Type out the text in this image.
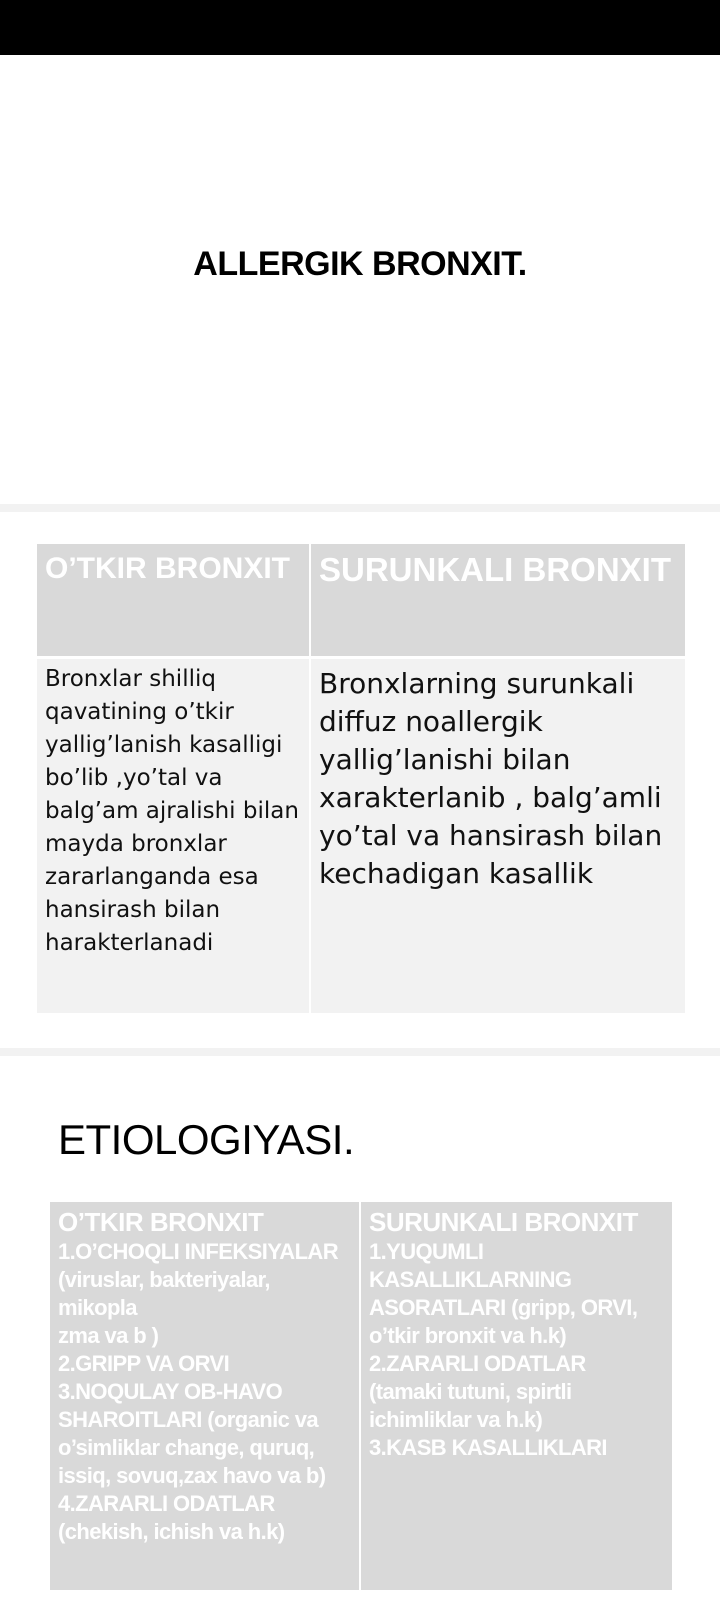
ALLERGIK BRONXIT.
O’TKIR BRONXIT SURUNKALI BRONXIT
Bronxlar shilliq qavatining o’tkir yallig’lanish kasalligi bo’lib ,yo’tal va balg’am ajralishi bilan mayda bronxlar zararlanganda esa hansirash bilan harakterlanadi
Bronxlarning surunkali diffuz noallergik yallig’lanishi bilan xarakterlanib , balg’amli yo’tal va hansirash bilan kechadigan kasallik
ETIOLOGIYASI.
O’TKIR BRONXIT
1.O’CHOQLI INFEKSIYALAR (viruslar, bakteriyalar, mikopla
zma va b )
2.GRIPP VA ORVI
3.NOQULAY OB-HAVO SHAROITLARI (organic va o’simliklar change, quruq, issiq, sovuq,zax havo va b)
4.ZARARLI ODATLAR (chekish, ichish va h.k)
SURUNKALI BRONXIT
1.YUQUMLI KASALLIKLARNING ASORATLARI (gripp, ORVI, o’tkir bronxit va h.k)
2.ZARARLI ODATLAR (tamaki tutuni, spirtli ichimliklar va h.k)
3.KASB KASALLIKLARI
